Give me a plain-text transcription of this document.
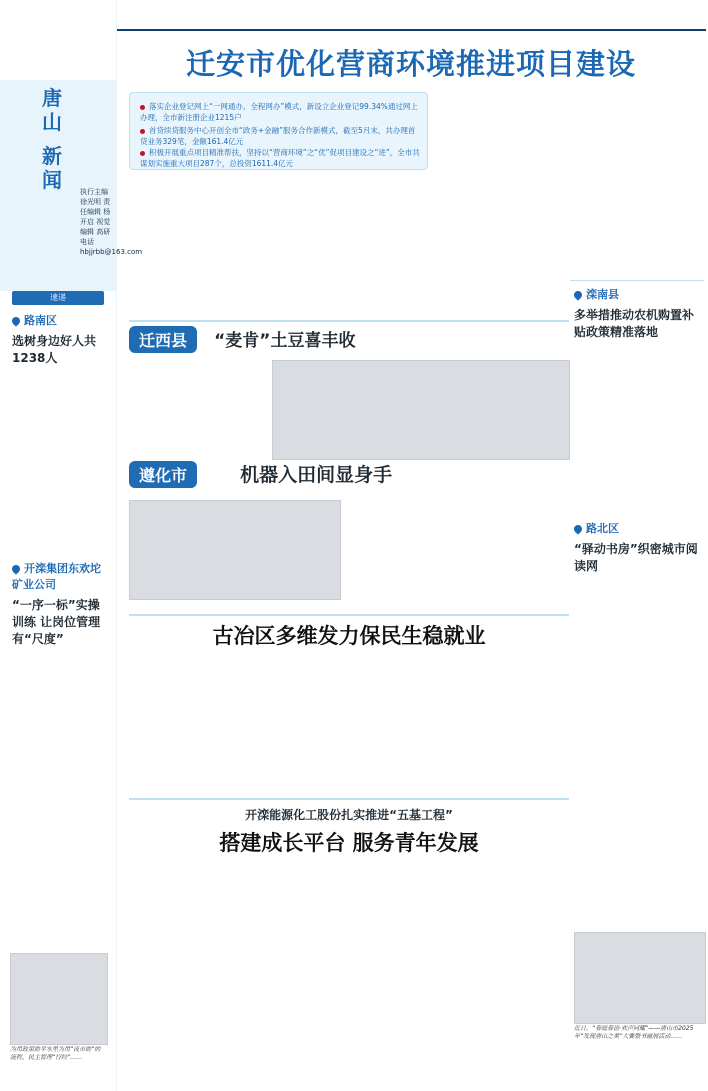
唐山
新闻	执行主编 徐光明 责任编辑 杨开启 视觉编辑 高研 电话 hbjjrbb@163.com
速递
路南区
选树身边好人共1238人
开滦集团东欢坨矿业公司
“一序一标”实操训练 让岗位管理有“尺度”
为用政策助平水里为用“夜市助”的流程，民主管理“行经”……
迁安市优化营商环境推进项目建设
落实企业登记网上“一网通办、全程网办”模式，新设立企业登记99.34%通过网上办理，全市新注册企业1215户
首贷续贷服务中心开创全市“政务+金融”服务合作新模式，截至5月末，共办理首贷业务329笔，金额161.4亿元
积极开展重点项目精准帮扶，坚持以“营商环境”之“优”促项目建设之“进”，全市共谋划实施重大项目287个，总投资1611.4亿元
迁西县 “麦肯”土豆喜丰收
遵化市	机器入田间显身手
古冶区多维发力保民生稳就业
开滦能源化工股份扎实推进“五基工程”
搭建成长平台 服务青年发展
滦南县
多举措推动农机购置补贴政策精准落地
路北区
“驿动书房”织密城市阅读网
近日，“春庭春语·欢声同耀”——唐山市2025年“发现唐山之美”大赛暨书画展活动……
